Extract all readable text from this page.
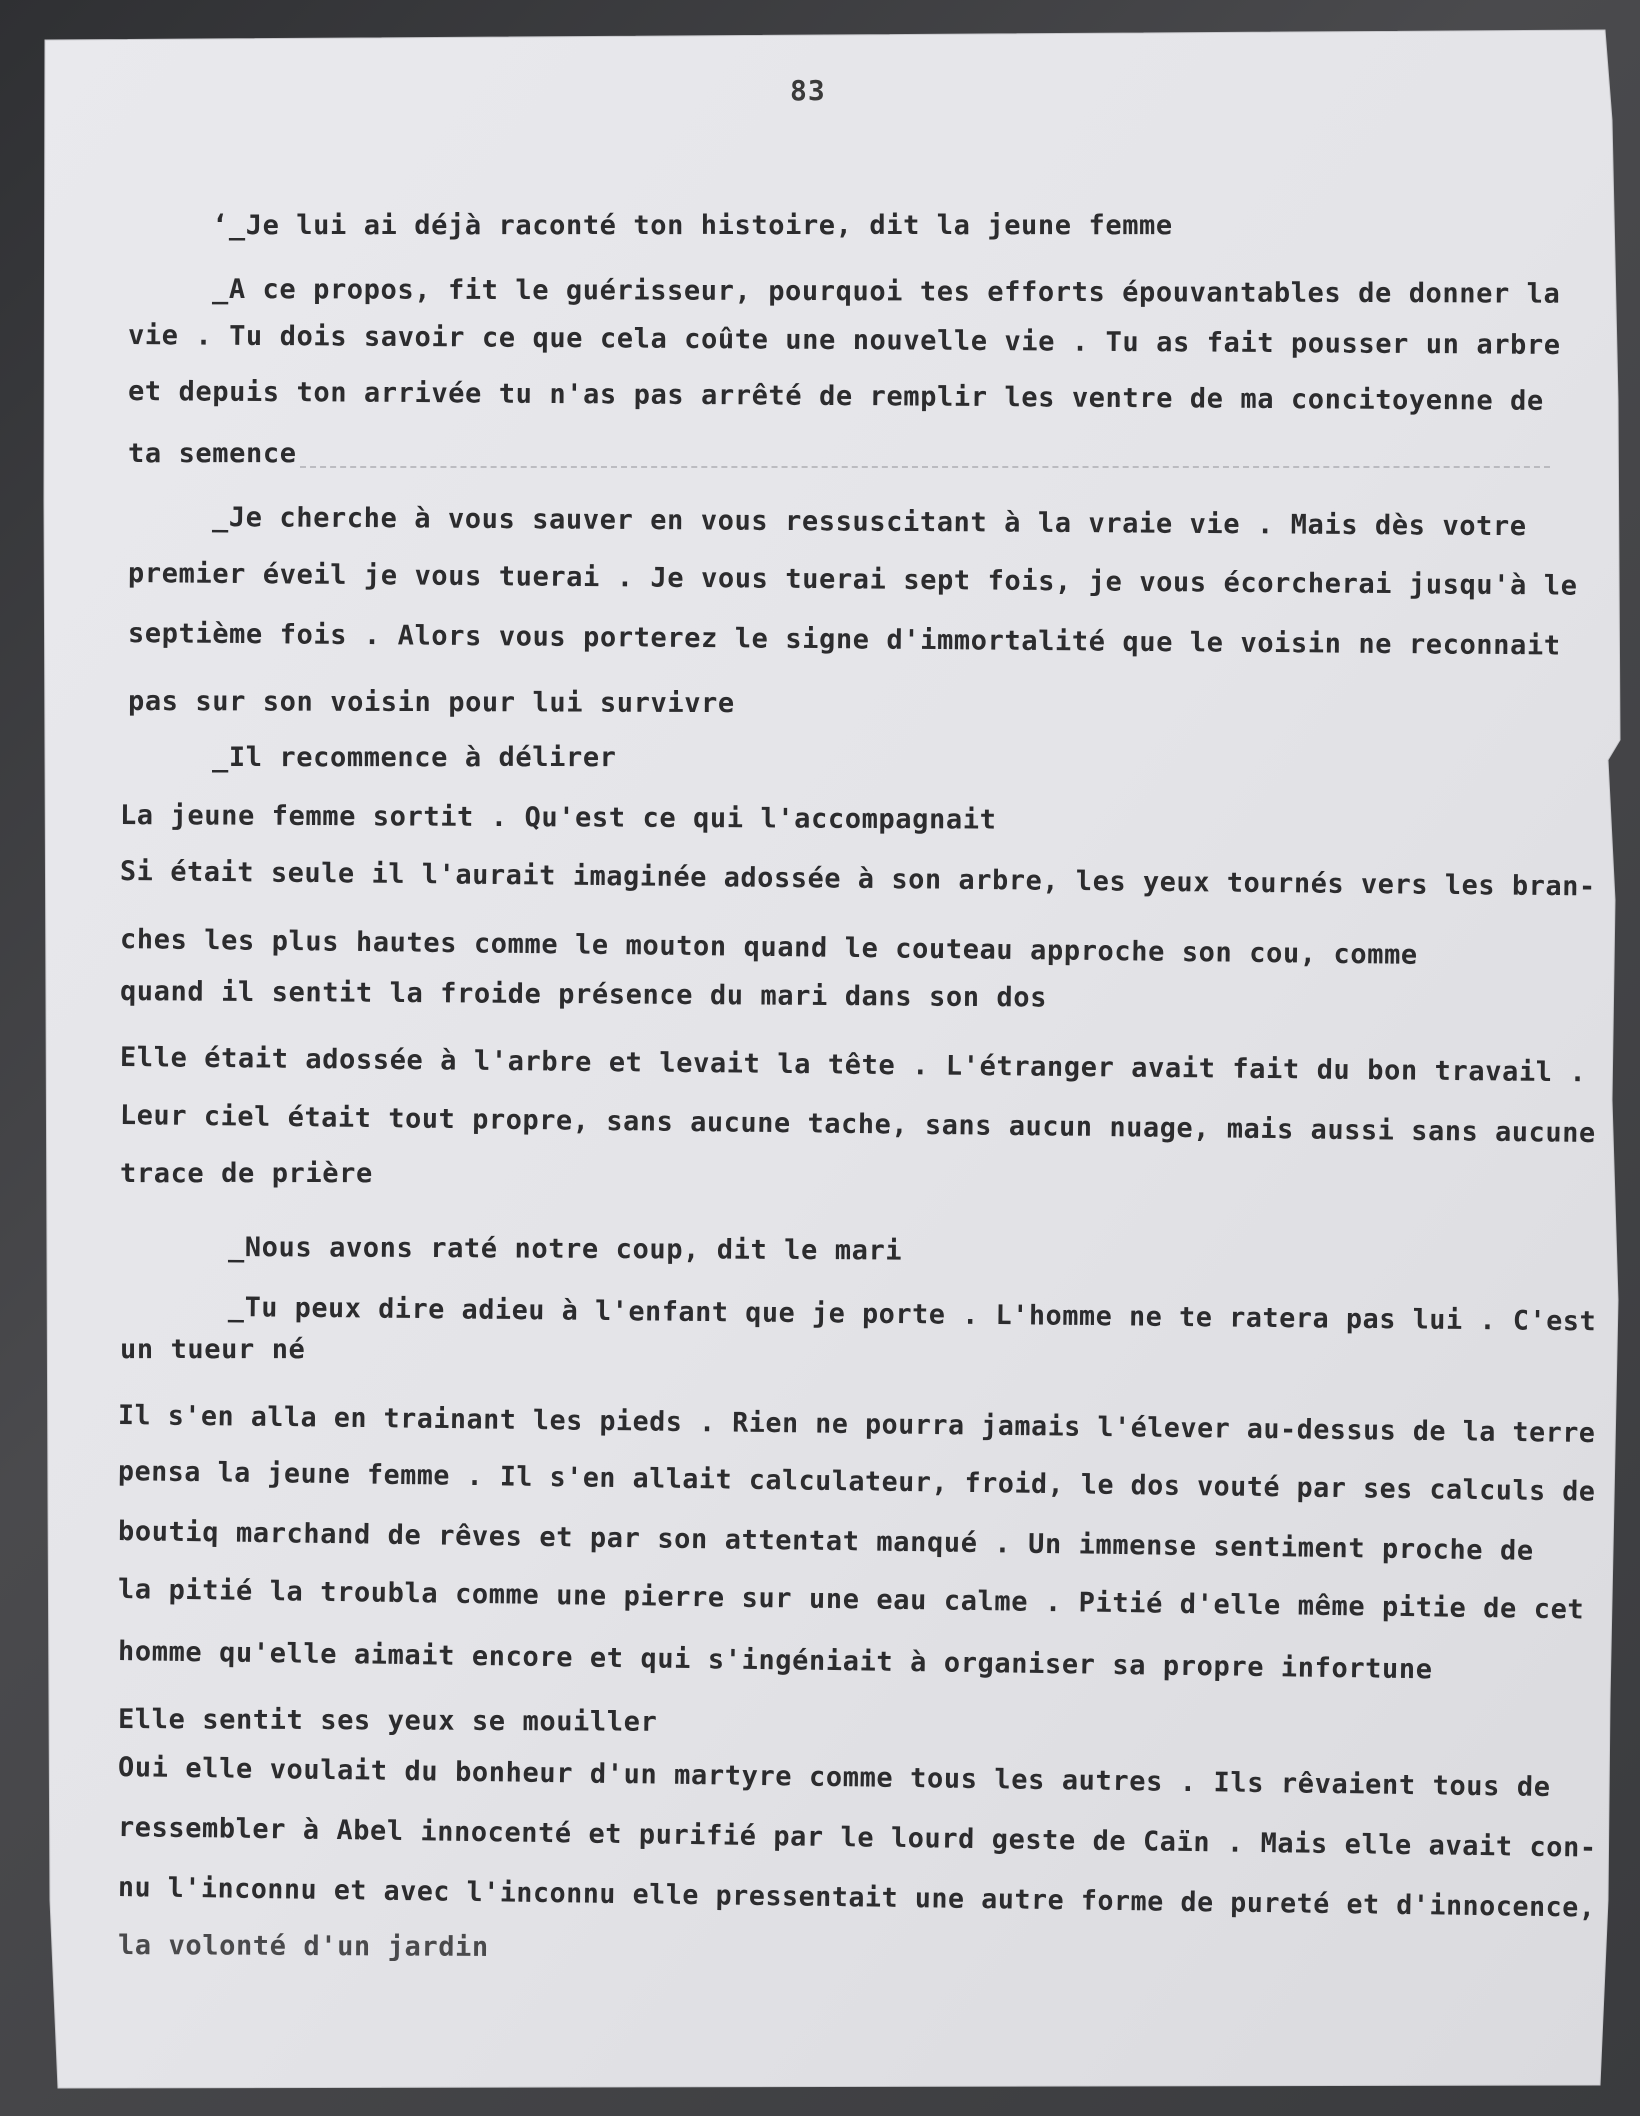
83
ʻ_Je lui ai déjà raconté ton histoire, dit la jeune femme
_A ce propos, fit le guérisseur, pourquoi tes efforts épouvantables de donner la
vie . Tu dois savoir ce que cela coûte une nouvelle vie . Tu as fait pousser un arbre
et depuis ton arrivée tu n'as pas arrêté de remplir les ventre de ma concitoyenne de
ta semence
_Je cherche à vous sauver en vous ressuscitant à la vraie vie . Mais dès votre
premier éveil je vous tuerai . Je vous tuerai sept fois, je vous écorcherai jusqu'à le
septième fois . Alors vous porterez le signe d'immortalité que le voisin ne reconnait
pas sur son voisin pour lui survivre
_Il recommence à délirer
La jeune femme sortit . Qu'est ce qui l'accompagnait
Si était seule il l'aurait imaginée adossée à son arbre, les yeux tournés vers les bran-
ches les plus hautes comme le mouton quand le couteau approche son cou, comme
quand il sentit la froide présence du mari dans son dos
Elle était adossée à l'arbre et levait la tête . L'étranger avait fait du bon travail .
Leur ciel était tout propre, sans aucune tache, sans aucun nuage, mais aussi sans aucune
trace de prière
_Nous avons raté notre coup, dit le mari
_Tu peux dire adieu à l'enfant que je porte . L'homme ne te ratera pas lui . C'est
un tueur né
Il s'en alla en trainant les pieds . Rien ne pourra jamais l'élever au-dessus de la terre
pensa la jeune femme . Il s'en allait calculateur, froid, le dos vouté par ses calculs de
boutiq marchand de rêves et par son attentat manqué . Un immense sentiment proche de
la pitié la troubla comme une pierre sur une eau calme . Pitié d'elle même pitie de cet
homme qu'elle aimait encore et qui s'ingéniait à organiser sa propre infortune
Elle sentit ses yeux se mouiller
Oui elle voulait du bonheur d'un martyre comme tous les autres . Ils rêvaient tous de
ressembler à Abel innocenté et purifié par le lourd geste de Caïn . Mais elle avait con-
nu l'inconnu et avec l'inconnu elle pressentait une autre forme de pureté et d'innocence,
la volonté d'un jardin
